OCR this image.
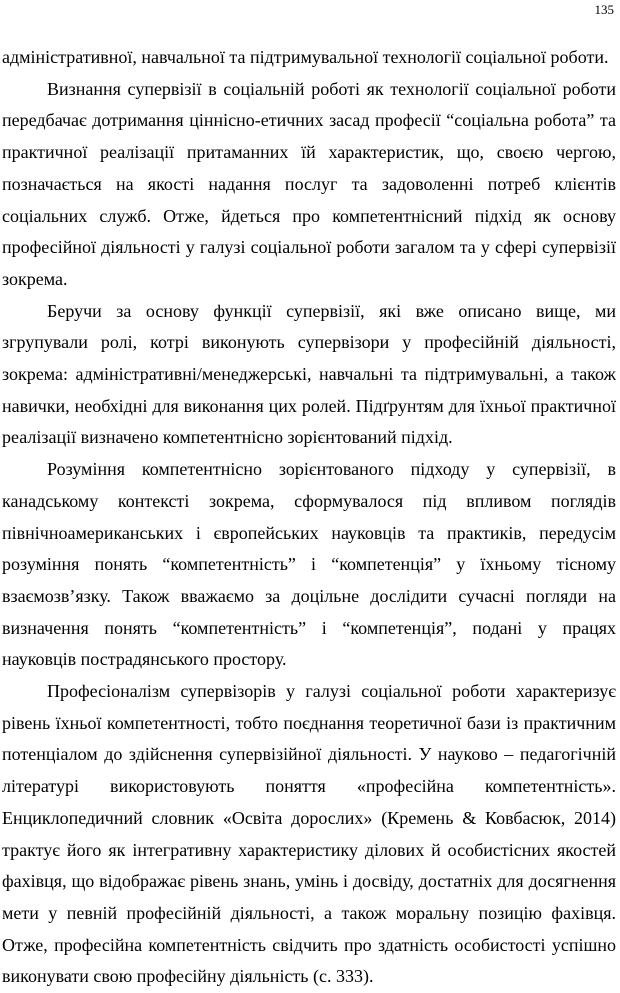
135

адміністративної, навчальної та підтримувальної технології соціальної роботи.

Визнання супервізії в соціальній роботі як технології соціальної роботи передбачає дотримання ціннісно-етичних засад професії “соціальна робота” та практичної реалізації притаманних їй характеристик, що, своєю чергою, позначається на якості надання послуг та задоволенні потреб клієнтів соціальних служб. Отже, йдеться про компетентнісний підхід як основу професійної діяльності у галузі соціальної роботи загалом та у сфері супервізії зокрема.

Беручи за основу функції супервізії, які вже описано вище, ми згрупували ролі, котрі виконують супервізори у професійній діяльності, зокрема: адміністративні/менеджерські, навчальні та підтримувальні, а також навички, необхідні для виконання цих ролей. Підґрунтям для їхньої практичної реалізації визначено компетентнісно зорієнтований підхід.

Розуміння компетентнісно зорієнтованого підходу у супервізії, в канадському контексті зокрема, сформувалося під впливом поглядів північноамериканських і європейських науковців та практиків, передусім розуміння понять “компетентність” і “компетенція” у їхньому тісному взаємозв’язку. Також вважаємо за доцільне дослідити сучасні погляди на визначення понять “компетентність” і “компетенція”, подані у працях науковців пострадянського простору.

Професіоналізм супервізорів у галузі соціальної роботи характеризує рівень їхньої компетентності, тобто поєднання теоретичної бази із практичним потенціалом до здійснення супервізійної діяльності. У науково – педагогічній літературі використовують поняття «професійна компетентність». Енциклопедичний словник «Освіта дорослих» (Кремень & Ковбасюк, 2014) трактує його як інтегративну характеристику ділових й особистісних якостей фахівця, що відображає рівень знань, умінь і досвіду, достатніх для досягнення мети у певній професійній діяльності, а також моральну позицію фахівця. Отже, професійна компетентність свідчить про здатність особистості успішно виконувати свою професійну діяльність (с. 333).
